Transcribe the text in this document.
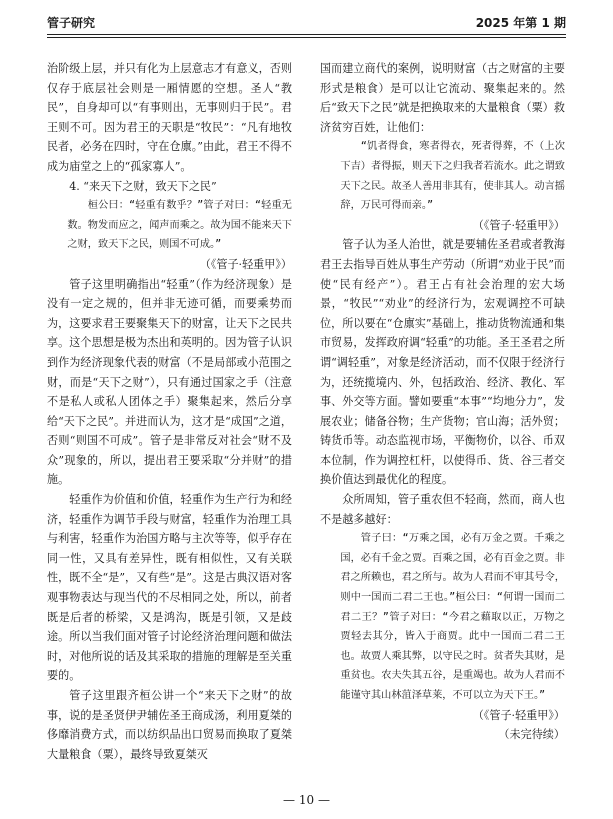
管子研究	2025 年第 1 期

治阶级上层，并只有化为上层意志才有意义，否则仅存于底层社会则是一厢情愿的空想。圣人“教民”，自身却可以“有事则出，无事则归于民”。君王则不可。因为君王的天职是“牧民”：“凡有地牧民者，必务在四时，守在仓廪。”由此，君王不得不成为庙堂之上的“孤家寡人”。

4. “来天下之财，致天下之民”

桓公曰：“轻重有数乎？”管子对曰：“轻重无数。物发而应之，闻声而乘之。故为国不能来天下之财，致天下之民，则国不可成。”

（《管子·轻重甲》）

管子这里明确指出“轻重”（作为经济现象）是没有一定之规的，但并非无迹可循，而要乘势而为，这要求君王要聚集天下的财富，让天下之民共享。这个思想是极为杰出和英明的。因为管子认识到作为经济现象代表的财富（不是局部或小范围之财，而是“天下之财”），只有通过国家之手（注意不是私人或私人团体之手）聚集起来，然后分享给“天下之民”。并进而认为，这才是“成国”之道，否则“则国不可成”。管子是非常反对社会“财不及众”现象的，所以，提出君王要采取“分并财”的措施。

轻重作为价值和价值，轻重作为生产行为和经济，轻重作为调节手段与财富，轻重作为治理工具与利害，轻重作为治国方略与主次等等，似乎存在同一性，又具有差异性，既有相似性，又有关联性，既不全“是”，又有些“是”。这是古典汉语对客观事物表达与现当代的不尽相同之处，所以，前者既是后者的桥梁，又是鸿沟，既是引领，又是歧途。所以当我们面对管子讨论经济治理问题和做法时，对他所说的话及其采取的措施的理解是至关重要的。

管子这里跟齐桓公讲一个“来天下之财”的故事，说的是圣贤伊尹辅佐圣王商成汤，利用夏桀的侈靡消费方式，而以纺织品出口贸易而换取了夏桀大量粮食（粟），最终导致夏桀灭

国而建立商代的案例，说明财富（古之财富的主要形式是粮食）是可以让它流动、聚集起来的。然后“致天下之民”就是把换取来的大量粮食（粟）救济贫穷百姓，让他们：

“饥者得食，寒者得衣，死者得葬，不（上次下吉）者得振，则天下之归我者若流水。此之谓致天下之民。故圣人善用非其有，使非其人。动言摇辞，万民可得而亲。”

（《管子·轻重甲》）

管子认为圣人治世，就是要辅佐圣君或者教海君王去指导百姓从事生产劳动（所谓“劝业于民”而使“民有经产”）。君王占有社会治理的宏大场景，“牧民”“劝业”的经济行为，宏观调控不可缺位，所以要在“仓廪实”基础上，推动货物流通和集市贸易，发挥政府调“轻重”的功能。圣王圣君之所谓“调轻重”，对象是经济活动，而不仅限于经济行为，还统揽境内、外，包括政治、经济、教化、军事、外交等方面。譬如要重“本事”“均地分力”，发展农业；储备谷物；生产货物；官山海；活外贸；铸货币等。动态监视市场，平衡物价，以谷、币双本位制，作为调控杠杆，以使得币、货、谷三者交换价值达到最优化的程度。

众所周知，管子重农但不轻商，然而，商人也不是越多越好：

管子曰：“万乘之国，必有万金之贾。千乘之国，必有千金之贾。百乘之国，必有百金之贾。非君之所赖也，君之所与。故为人君而不审其号令，则中一国而二君二王也。”桓公曰：“何谓一国而二君二王？”管子对曰：“今君之藉取以正，万物之贾轻去其分，皆入于商贾。此中一国而二君二王也。故贾人乘其弊，以守民之时。贫者失其财，是重贫也。农夫失其五谷，是重竭也。故为人君而不能谨守其山林菹泽草莱，不可以立为天下王。”

（《管子·轻重甲》）

（未完待续）

— 10 —
